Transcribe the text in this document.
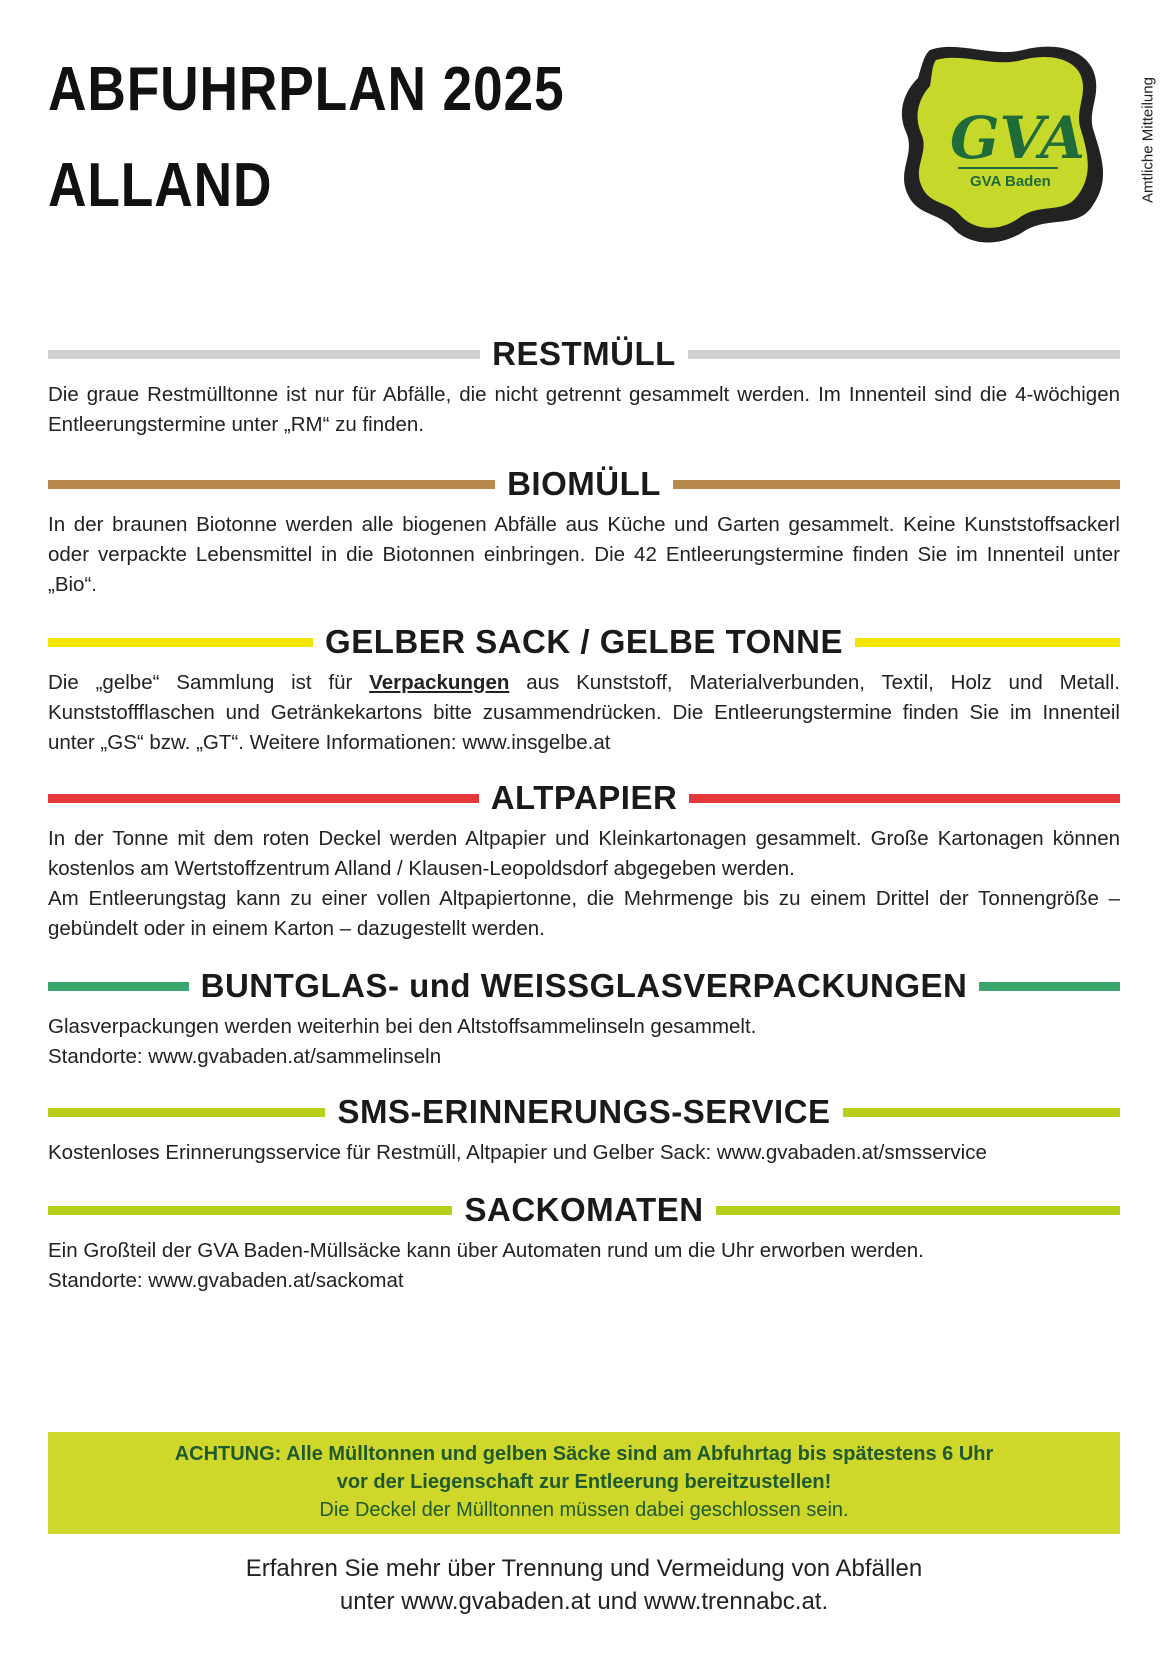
ABFUHRPLAN 2025
ALLAND
GVA
GVA Baden	Amtliche Mitteilung
RESTMÜLL

Die graue Restmülltonne ist nur für Abfälle, die nicht getrennt gesammelt werden. Im Innenteil sind die 4-wöchigen Entleerungstermine unter „RM“ zu finden.

BIOMÜLL

In der braunen Biotonne werden alle biogenen Abfälle aus Küche und Garten gesammelt. Keine Kunststoffsackerl oder verpackte Lebensmittel in die Biotonnen einbringen. Die 42 Entleerungstermine finden Sie im Innenteil unter „Bio“.

GELBER SACK / GELBE TONNE

Die „gelbe“ Sammlung ist für Verpackungen aus Kunststoff, Materialverbunden, Textil, Holz und Metall. Kunststoffflaschen und Getränkekartons bitte zusammendrücken. Die Entleerungstermine finden Sie im Innenteil unter „GS“ bzw. „GT“. Weitere Informationen: www.insgelbe.at

ALTPAPIER

In der Tonne mit dem roten Deckel werden Altpapier und Kleinkartonagen gesammelt. Große Kartonagen können kostenlos am Wertstoffzentrum Alland / Klausen-Leopoldsdorf abgegeben werden.

Am Entleerungstag kann zu einer vollen Altpapiertonne, die Mehrmenge bis zu einem Drittel der Tonnengröße – gebündelt oder in einem Karton – dazugestellt werden.

BUNTGLAS- und WEISSGLASVERPACKUNGEN

Glasverpackungen werden weiterhin bei den Altstoffsammelinseln gesammelt.

Standorte: www.gvabaden.at/sammelinseln

SMS-ERINNERUNGS-SERVICE

Kostenloses Erinnerungsservice für Restmüll, Altpapier und Gelber Sack: www.gvabaden.at/smsservice

SACKOMATEN

Ein Großteil der GVA Baden-Müllsäcke kann über Automaten rund um die Uhr erworben werden.

Standorte: www.gvabaden.at/sackomat

ACHTUNG: Alle Mülltonnen und gelben Säcke sind am Abfuhrtag bis spätestens 6 Uhr
vor der Liegenschaft zur Entleerung bereitzustellen!
Die Deckel der Mülltonnen müssen dabei geschlossen sein.
Erfahren Sie mehr über Trennung und Vermeidung von Abfällen
unter www.gvabaden.at und www.trennabc.at.
